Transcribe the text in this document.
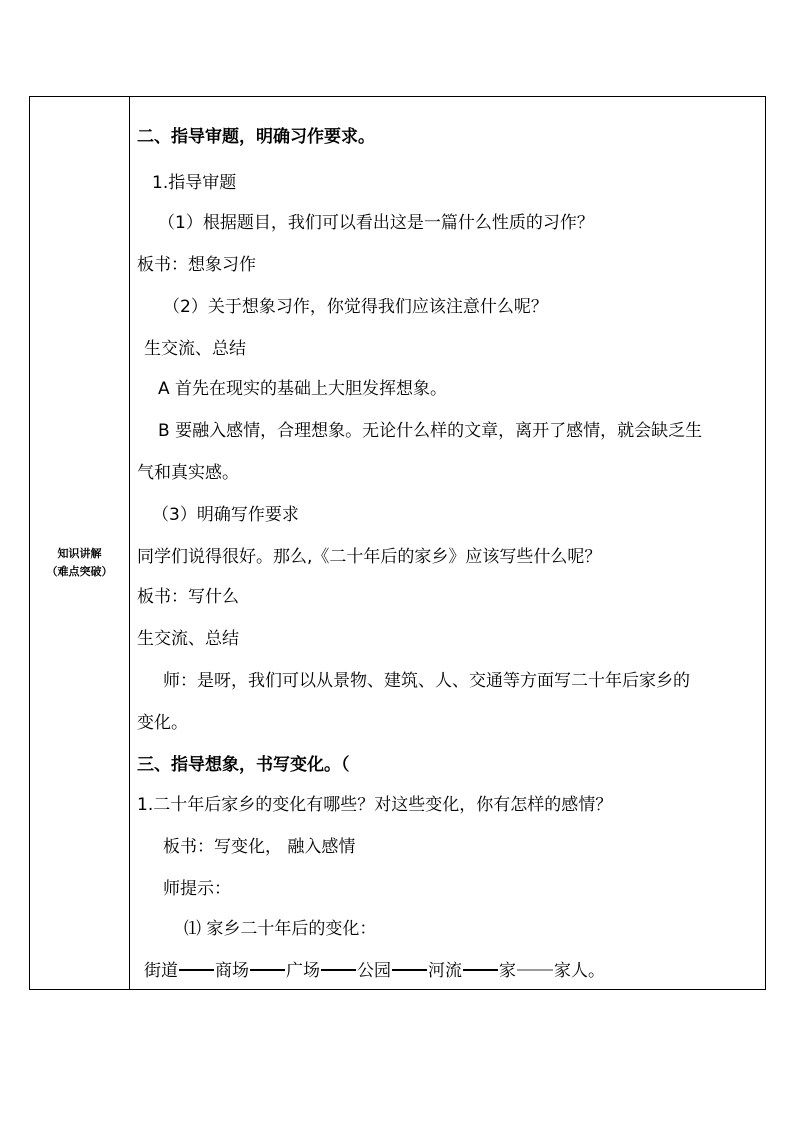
知识讲解
（难点突破）
二、指导审题，明确习作要求。
1.指导审题
（1）根据题目，我们可以看出这是一篇什么性质的习作？
板书：想象习作
（2）关于想象习作，你觉得我们应该注意什么呢？
生交流、总结
A 首先在现实的基础上大胆发挥想象。
B 要融入感情，合理想象。无论什么样的文章，离开了感情，就会缺乏生
气和真实感。
（3）明确写作要求
同学们说得很好。那么,《二十年后的家乡》应该写些什么呢？
板书：写什么
生交流、总结
师：是呀，我们可以从景物、建筑、人、交通等方面写二十年后家乡的
变化。
三、指导想象，书写变化。（
1.二十年后家乡的变化有哪些？对这些变化，你有怎样的感情？
板书：写变化， 融入感情
师提示：
⑴ 家乡二十年后的变化：
街道 商场 广场 公园 河流 家 家人。
